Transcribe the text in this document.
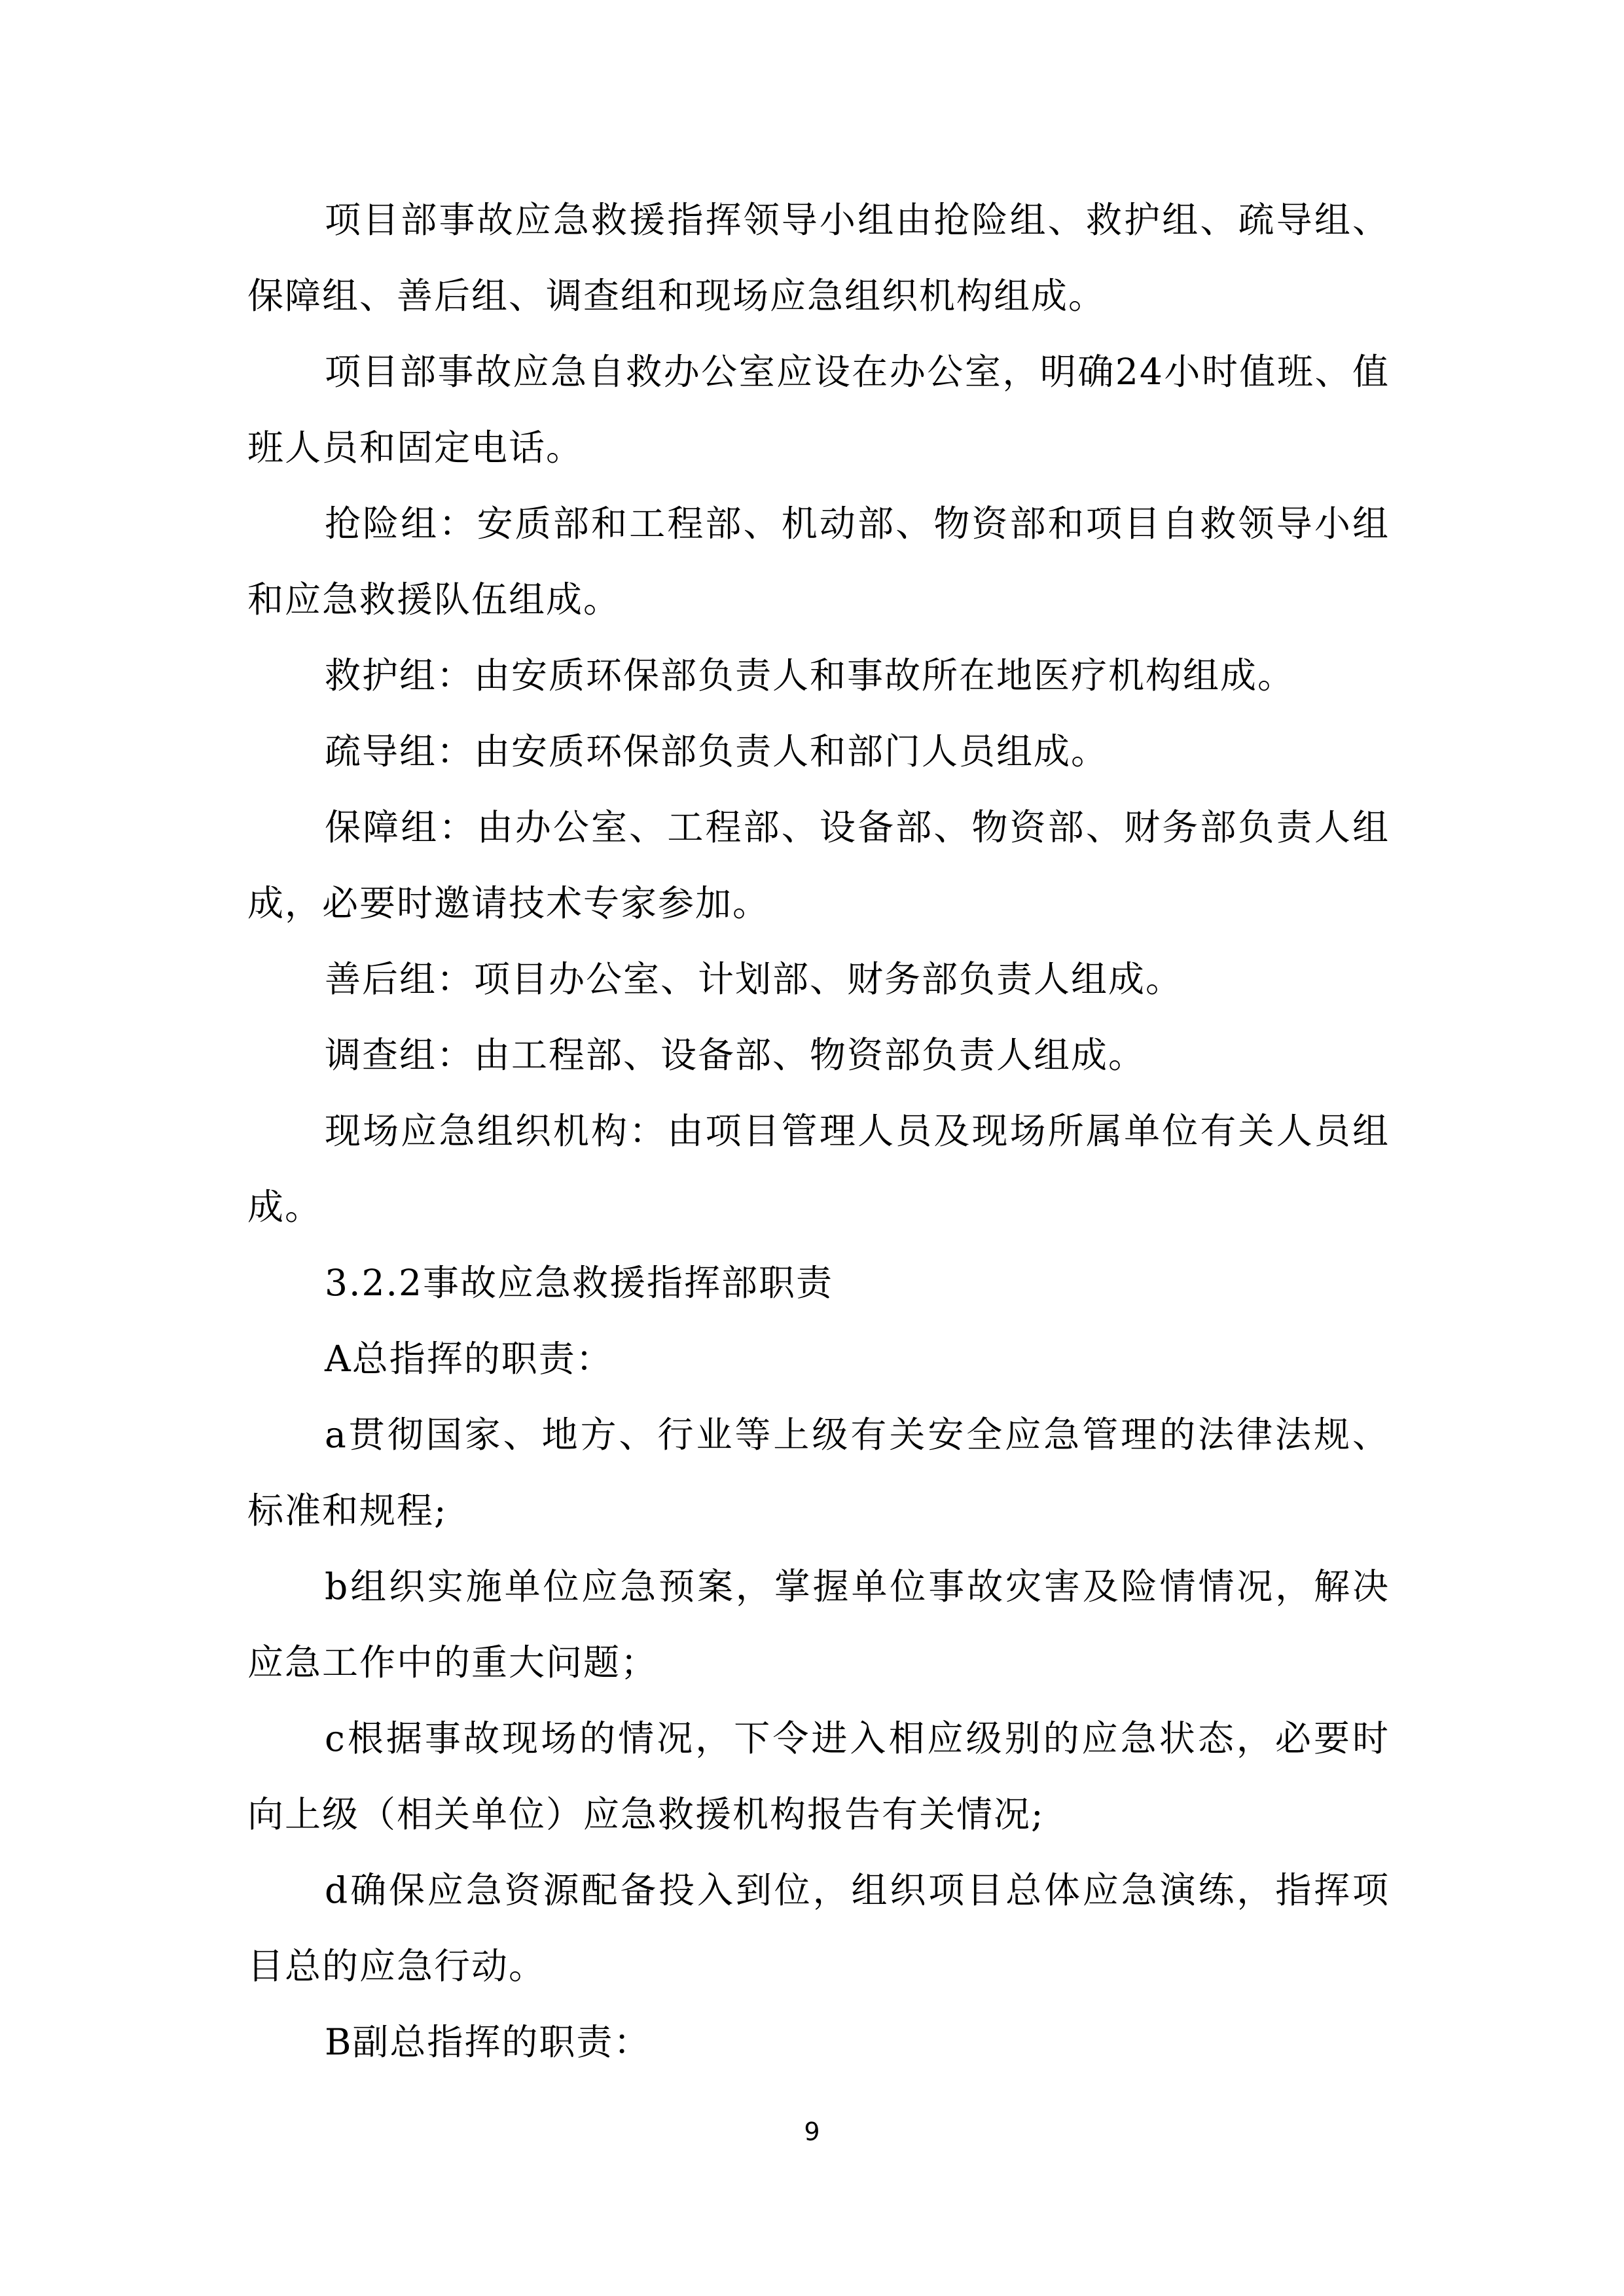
项目部事故应急救援指挥领导小组由抢险组、救护组、疏导组、保障组、善后组、调查组和现场应急组织机构组成。

项目部事故应急自救办公室应设在办公室，明确24小时值班、值班人员和固定电话。

抢险组：安质部和工程部、机动部、物资部和项目自救领导小组和应急救援队伍组成。

救护组：由安质环保部负责人和事故所在地医疗机构组成。

疏导组：由安质环保部负责人和部门人员组成。

保障组：由办公室、工程部、设备部、物资部、财务部负责人组成，必要时邀请技术专家参加。

善后组：项目办公室、计划部、财务部负责人组成。

调查组：由工程部、设备部、物资部负责人组成。

现场应急组织机构：由项目管理人员及现场所属单位有关人员组成。

3.2.2事故应急救援指挥部职责

A总指挥的职责：

a贯彻国家、地方、行业等上级有关安全应急管理的法律法规、标准和规程;

b组织实施单位应急预案，掌握单位事故灾害及险情情况，解决应急工作中的重大问题；

c根据事故现场的情况，下令进入相应级别的应急状态，必要时向上级（相关单位）应急救援机构报告有关情况;

d确保应急资源配备投入到位，组织项目总体应急演练，指挥项目总的应急行动。

B副总指挥的职责：

9
